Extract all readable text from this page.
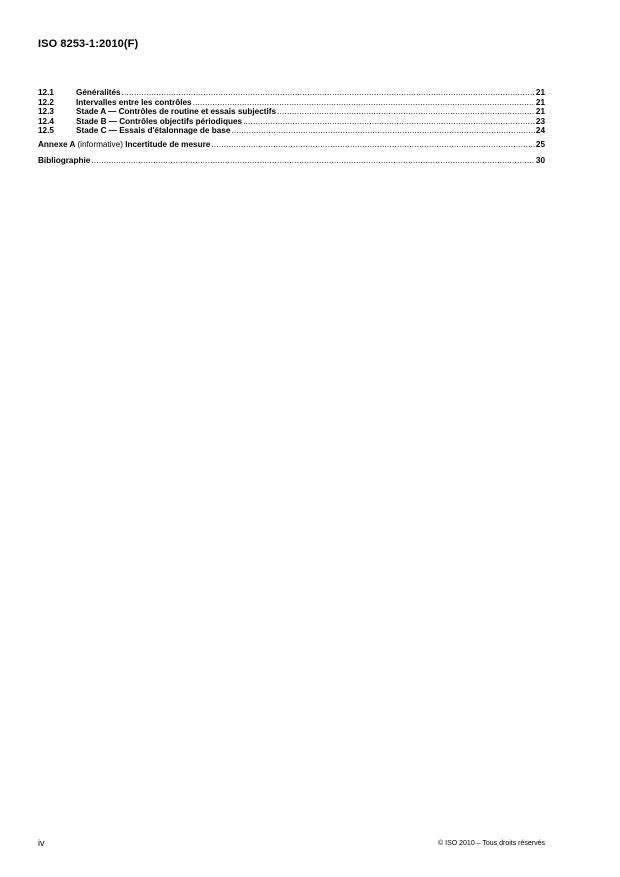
ISO 8253-1:2010(F)
12.1	Généralités .....	21
12.2	Intervalles entre les contrôles .....	21
12.3	Stade A — Contrôles de routine et essais subjectifs .....	21
12.4	Stade B — Contrôles objectifs périodiques .....	23
12.5	Stade C — Essais d'étalonnage de base .....	24
Annexe A (informative) Incertitude de mesure .....	25
Bibliographie .....	30
iv	© ISO 2010 – Tous droits réservés
